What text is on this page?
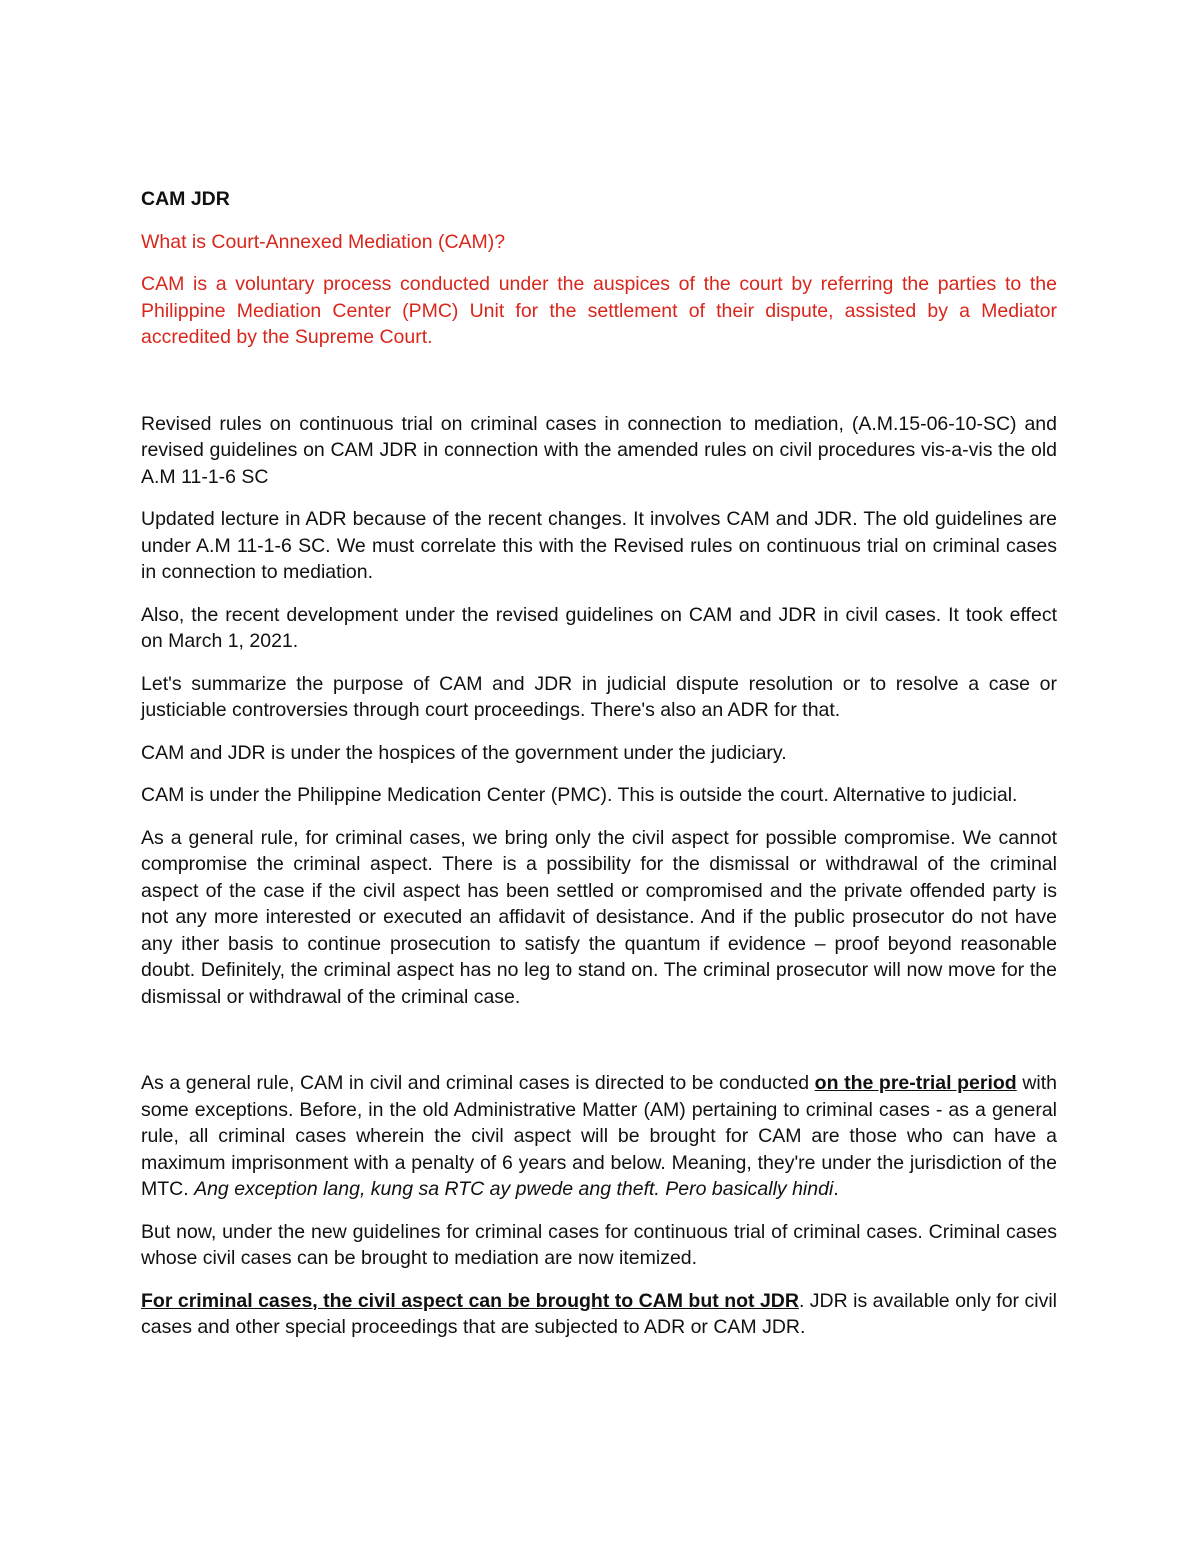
CAM JDR
What is Court-Annexed Mediation (CAM)?
CAM is a voluntary process conducted under the auspices of the court by referring the parties to the Philippine Mediation Center (PMC) Unit for the settlement of their dispute, assisted by a Mediator accredited by the Supreme Court.
Revised rules on continuous trial on criminal cases in connection to mediation, (A.M.15-06-10-SC) and revised guidelines on CAM JDR in connection with the amended rules on civil procedures vis-a-vis the old A.M 11-1-6 SC
Updated lecture in ADR because of the recent changes. It involves CAM and JDR. The old guidelines are under A.M 11-1-6 SC. We must correlate this with the Revised rules on continuous trial on criminal cases in connection to mediation.
Also, the recent development under the revised guidelines on CAM and JDR in civil cases. It took effect on March 1, 2021.
Let's summarize the purpose of CAM and JDR in judicial dispute resolution or to resolve a case or justiciable controversies through court proceedings. There's also an ADR for that.
CAM and JDR is under the hospices of the government under the judiciary.
CAM is under the Philippine Medication Center (PMC). This is outside the court. Alternative to judicial.
As a general rule, for criminal cases, we bring only the civil aspect for possible compromise. We cannot compromise the criminal aspect. There is a possibility for the dismissal or withdrawal of the criminal aspect of the case if the civil aspect has been settled or compromised and the private offended party is not any more interested or executed an affidavit of desistance. And if the public prosecutor do not have any ither basis to continue prosecution to satisfy the quantum if evidence – proof beyond reasonable doubt. Definitely, the criminal aspect has no leg to stand on. The criminal prosecutor will now move for the dismissal or withdrawal of the criminal case.
As a general rule, CAM in civil and criminal cases is directed to be conducted on the pre-trial period with some exceptions. Before, in the old Administrative Matter (AM) pertaining to criminal cases - as a general rule, all criminal cases wherein the civil aspect will be brought for CAM are those who can have a maximum imprisonment with a penalty of 6 years and below. Meaning, they're under the jurisdiction of the MTC. Ang exception lang, kung sa RTC ay pwede ang theft. Pero basically hindi.
But now, under the new guidelines for criminal cases for continuous trial of criminal cases. Criminal cases whose civil cases can be brought to mediation are now itemized.
For criminal cases, the civil aspect can be brought to CAM but not JDR. JDR is available only for civil cases and other special proceedings that are subjected to ADR or CAM JDR.
